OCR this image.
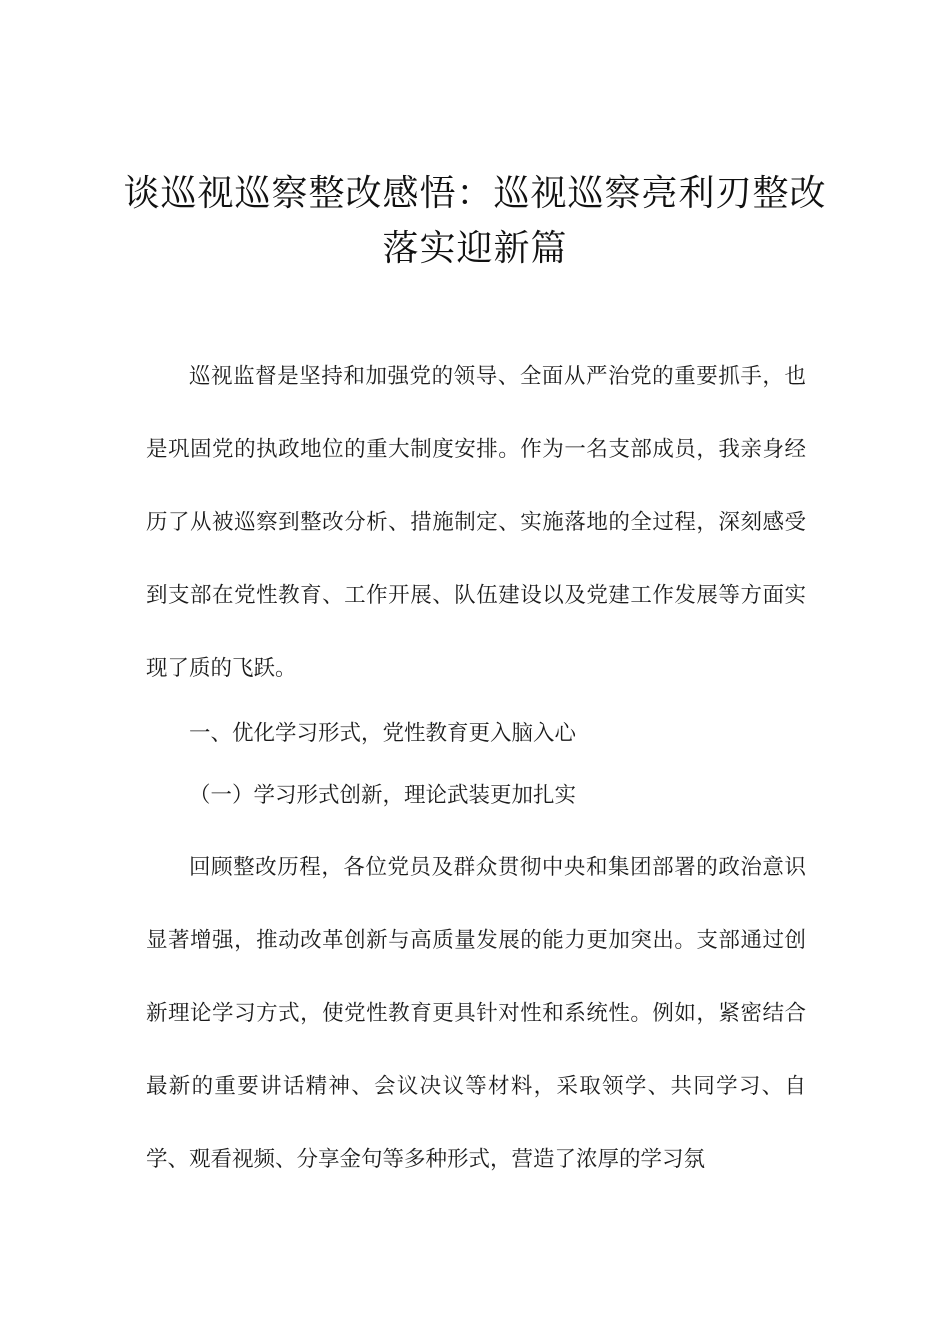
谈巡视巡察整改感悟：巡视巡察亮利刃整改落实迎新篇

巡视监督是坚持和加强党的领导、全面从严治党的重要抓手，也是巩固党的执政地位的重大制度安排。作为一名支部成员，我亲身经历了从被巡察到整改分析、措施制定、实施落地的全过程，深刻感受到支部在党性教育、工作开展、队伍建设以及党建工作发展等方面实现了质的飞跃。

一、优化学习形式，党性教育更入脑入心

（一）学习形式创新，理论武装更加扎实

回顾整改历程，各位党员及群众贯彻中央和集团部署的政治意识显著增强，推动改革创新与高质量发展的能力更加突出。支部通过创新理论学习方式，使党性教育更具针对性和系统性。例如，紧密结合最新的重要讲话精神、会议决议等材料，采取领学、共同学习、自学、观看视频、分享金句等多种形式，营造了浓厚的学习氛
